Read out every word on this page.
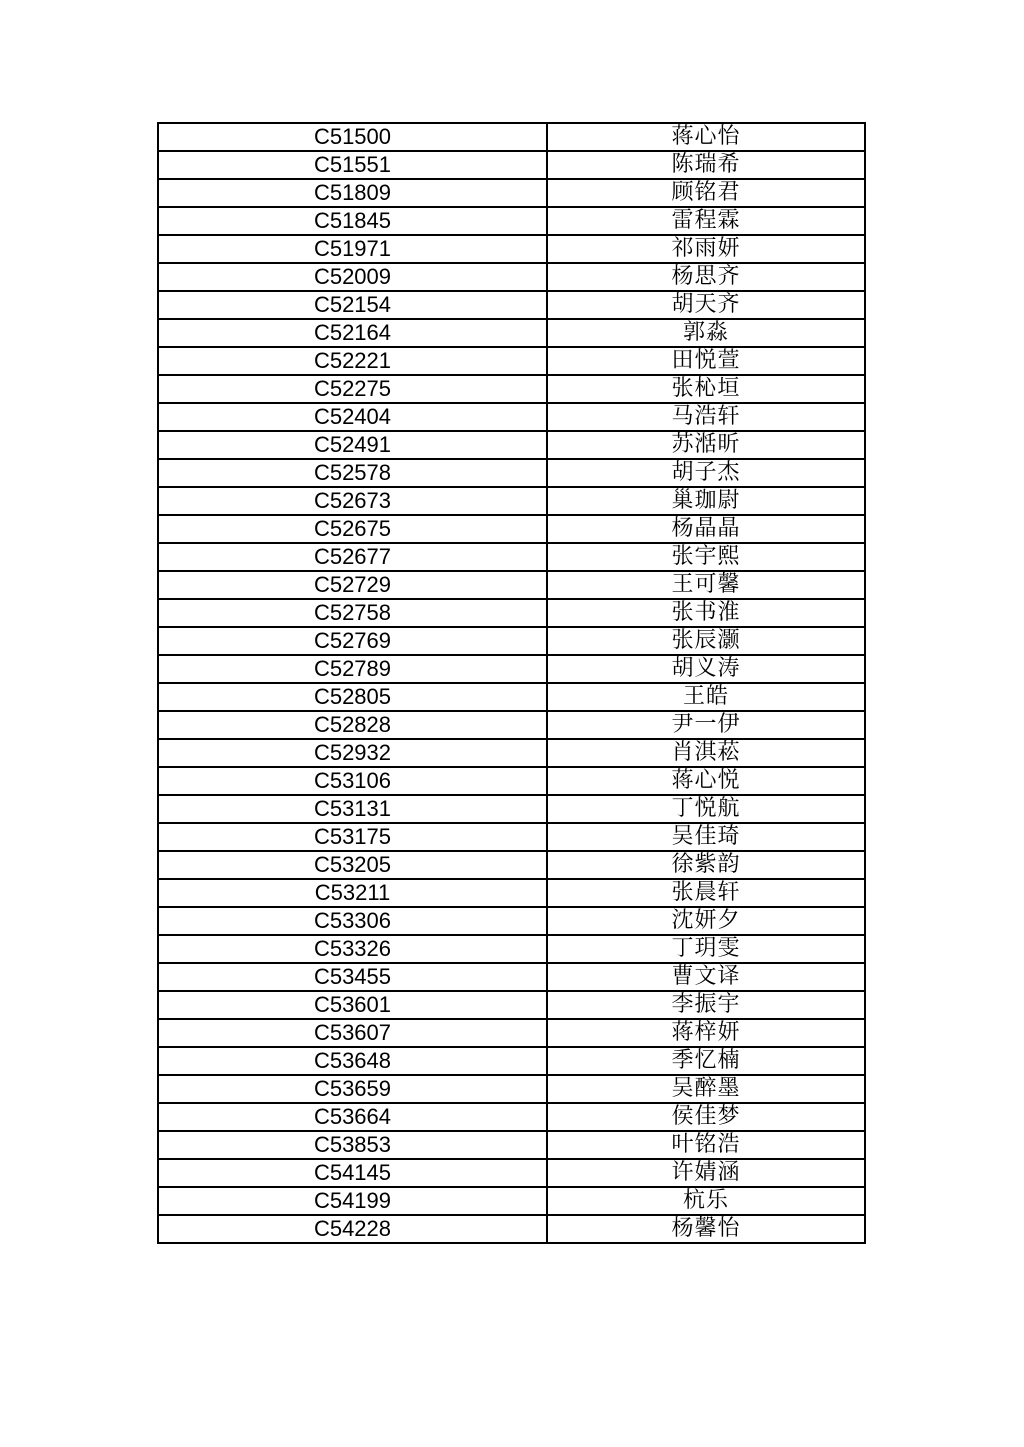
C51500	蒋心怡
C51551	陈瑞希
C51809	顾铭君
C51845	雷程霖
C51971	祁雨妍
C52009	杨思齐
C52154	胡天齐
C52164	郭淼
C52221	田悦萱
C52275	张杺垣
C52404	马浩轩
C52491	苏湉昕
C52578	胡子杰
C52673	巢珈尉
C52675	杨晶晶
C52677	张宇熙
C52729	王可馨
C52758	张书淮
C52769	张辰灏
C52789	胡义涛
C52805	王皓
C52828	尹一伊
C52932	肖淇菘
C53106	蒋心悦
C53131	丁悦航
C53175	吴佳琦
C53205	徐紫韵
C53211	张晨轩
C53306	沈妍夕
C53326	丁玥雯
C53455	曹文译
C53601	李振宇
C53607	蒋梓妍
C53648	季忆楠
C53659	吴醉墨
C53664	侯佳梦
C53853	叶铭浩
C54145	许婧涵
C54199	杭乐
C54228	杨馨怡
